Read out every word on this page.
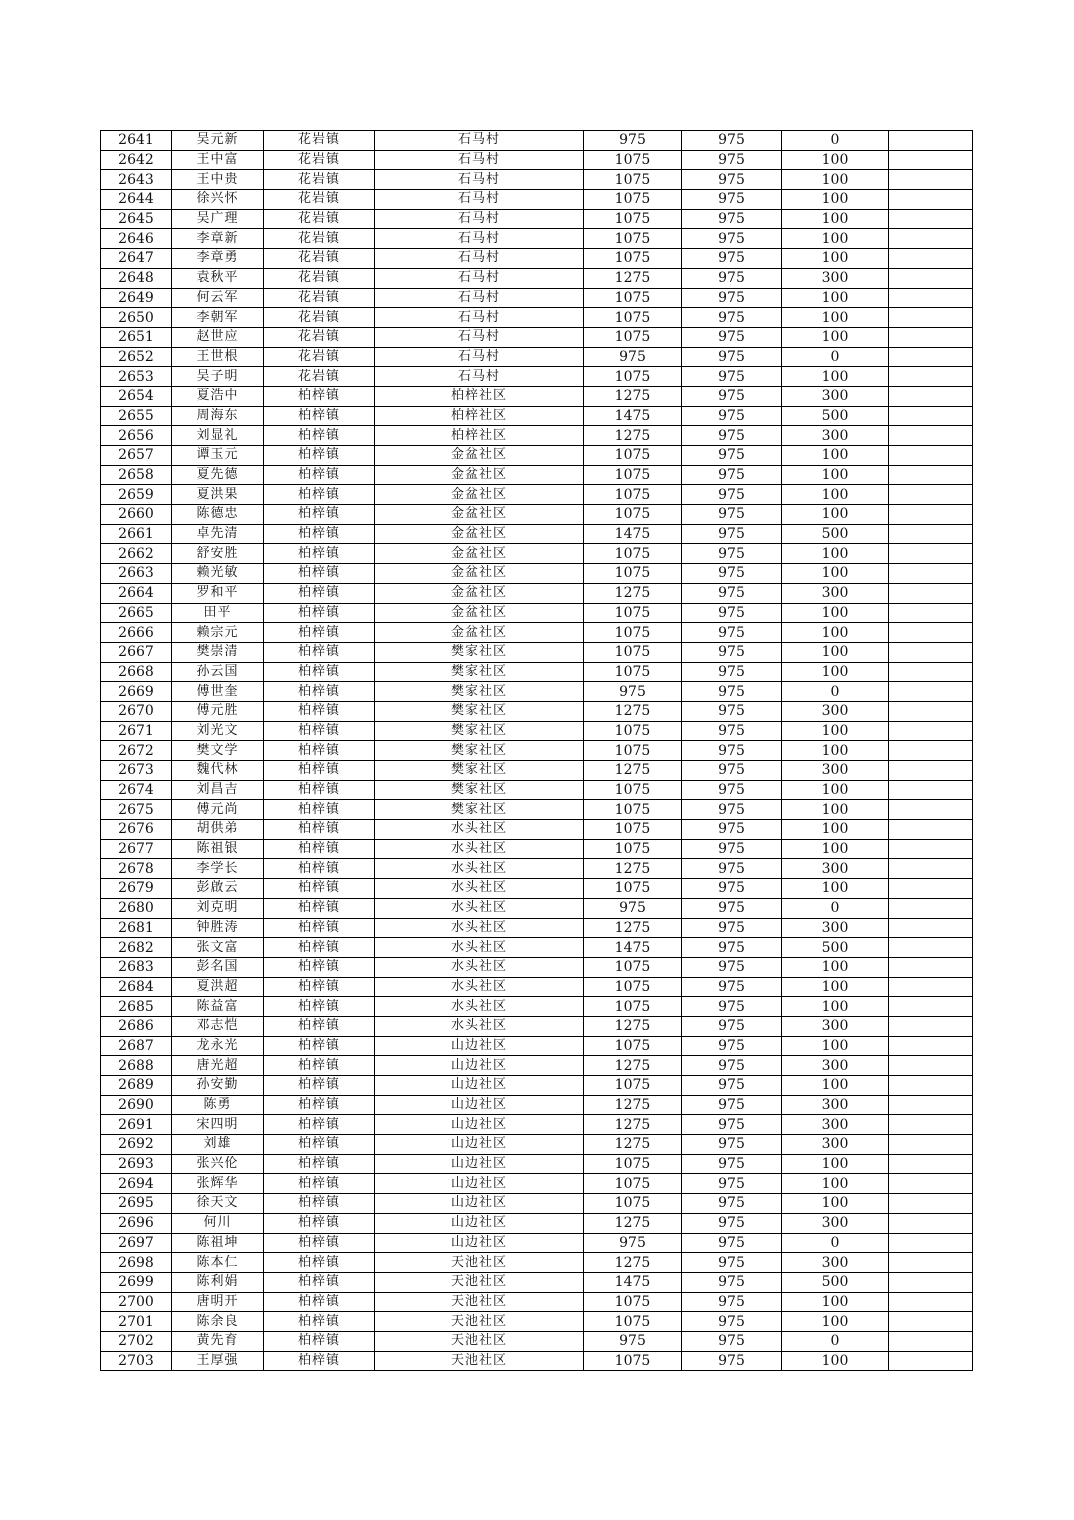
2641	吴元新	花岩镇	石马村	975	975	0	
2642	王中富	花岩镇	石马村	1075	975	100	
2643	王中贵	花岩镇	石马村	1075	975	100	
2644	徐兴怀	花岩镇	石马村	1075	975	100	
2645	吴广理	花岩镇	石马村	1075	975	100	
2646	李章新	花岩镇	石马村	1075	975	100	
2647	李章勇	花岩镇	石马村	1075	975	100	
2648	袁秋平	花岩镇	石马村	1275	975	300	
2649	何云军	花岩镇	石马村	1075	975	100	
2650	李朝军	花岩镇	石马村	1075	975	100	
2651	赵世应	花岩镇	石马村	1075	975	100	
2652	王世根	花岩镇	石马村	975	975	0	
2653	吴子明	花岩镇	石马村	1075	975	100	
2654	夏浩中	柏梓镇	柏梓社区	1275	975	300	
2655	周海东	柏梓镇	柏梓社区	1475	975	500	
2656	刘显礼	柏梓镇	柏梓社区	1275	975	300	
2657	谭玉元	柏梓镇	金盆社区	1075	975	100	
2658	夏先德	柏梓镇	金盆社区	1075	975	100	
2659	夏洪果	柏梓镇	金盆社区	1075	975	100	
2660	陈德忠	柏梓镇	金盆社区	1075	975	100	
2661	卓先清	柏梓镇	金盆社区	1475	975	500	
2662	舒安胜	柏梓镇	金盆社区	1075	975	100	
2663	赖光敏	柏梓镇	金盆社区	1075	975	100	
2664	罗和平	柏梓镇	金盆社区	1275	975	300	
2665	田平	柏梓镇	金盆社区	1075	975	100	
2666	赖宗元	柏梓镇	金盆社区	1075	975	100	
2667	樊崇清	柏梓镇	樊家社区	1075	975	100	
2668	孙云国	柏梓镇	樊家社区	1075	975	100	
2669	傅世奎	柏梓镇	樊家社区	975	975	0	
2670	傅元胜	柏梓镇	樊家社区	1275	975	300	
2671	刘光文	柏梓镇	樊家社区	1075	975	100	
2672	樊文学	柏梓镇	樊家社区	1075	975	100	
2673	魏代林	柏梓镇	樊家社区	1275	975	300	
2674	刘昌吉	柏梓镇	樊家社区	1075	975	100	
2675	傅元尚	柏梓镇	樊家社区	1075	975	100	
2676	胡供弟	柏梓镇	水头社区	1075	975	100	
2677	陈祖银	柏梓镇	水头社区	1075	975	100	
2678	李学长	柏梓镇	水头社区	1275	975	300	
2679	彭啟云	柏梓镇	水头社区	1075	975	100	
2680	刘克明	柏梓镇	水头社区	975	975	0	
2681	钟胜涛	柏梓镇	水头社区	1275	975	300	
2682	张文富	柏梓镇	水头社区	1475	975	500	
2683	彭名国	柏梓镇	水头社区	1075	975	100	
2684	夏洪超	柏梓镇	水头社区	1075	975	100	
2685	陈益富	柏梓镇	水头社区	1075	975	100	
2686	邓志恺	柏梓镇	水头社区	1275	975	300	
2687	龙永光	柏梓镇	山边社区	1075	975	100	
2688	唐光超	柏梓镇	山边社区	1275	975	300	
2689	孙安勤	柏梓镇	山边社区	1075	975	100	
2690	陈勇	柏梓镇	山边社区	1275	975	300	
2691	宋四明	柏梓镇	山边社区	1275	975	300	
2692	刘雄	柏梓镇	山边社区	1275	975	300	
2693	张兴伦	柏梓镇	山边社区	1075	975	100	
2694	张辉华	柏梓镇	山边社区	1075	975	100	
2695	徐天文	柏梓镇	山边社区	1075	975	100	
2696	何川	柏梓镇	山边社区	1275	975	300	
2697	陈祖坤	柏梓镇	山边社区	975	975	0	
2698	陈本仁	柏梓镇	天池社区	1275	975	300	
2699	陈利娟	柏梓镇	天池社区	1475	975	500	
2700	唐明开	柏梓镇	天池社区	1075	975	100	
2701	陈余良	柏梓镇	天池社区	1075	975	100	
2702	黄先育	柏梓镇	天池社区	975	975	0	
2703	王厚强	柏梓镇	天池社区	1075	975	100	
